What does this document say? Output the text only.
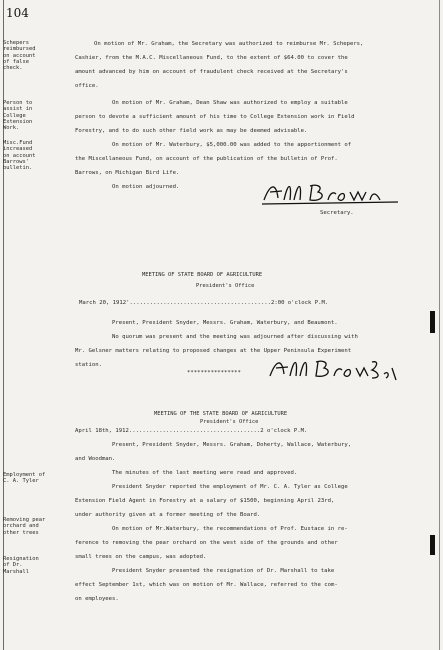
104
Schepers
reimbursed
on account
of false
check.
Person to
assist in
College
Extension
Work.
Misc.Fund
increased
on account
Barrows'
bulletin.
Employment of
C. A. Tyler
Removing pear
orchard and
other trees
Resignation
of Dr.
Marshall
On motion of Mr. Graham, the Secretary was authorized to reimburse Mr. Schepers,
Cashier, from the M.A.C. Miscellaneous Fund, to the extent of $64.00 to cover the
amount advanced by him on account of fraudulent check received at the Secretary's
office.
On motion of Mr. Graham, Dean Shaw was authorized to employ a suitable
person to devote a sufficient amount of his time to College Extension work in Field
Forestry, and to do such other field work as may be deemed advisable.
On motion of Mr. Waterbury, $5,000.00 was added to the apportionment of
the Miscellaneous Fund, on account of the publication of the bulletin of Prof.
Barrows, on Michigan Bird Life.
On motion adjourned.
Secretary.
MEETING OF STATE BOARD OF AGRICULTURE
President's Office
March 20, 1912'..........................................2:00 o'clock P.M.
Present, President Snyder, Messrs. Graham, Waterbury, and Beaumont.
No quorum was present and the meeting was adjourned after discussing with
Mr. Gelsner matters relating to proposed changes at the Upper Peninsula Experiment
station.
****************
MEETING OF THE STATE BOARD OF AGRICULTURE
President's Office
April 18th, 1912.......................................2 o'clock P.M.
Present, President Snyder, Messrs. Graham, Doherty, Wallace, Waterbury,
and Woodman.
The minutes of the last meeting were read and approved.
President Snyder reported the employment of Mr. C. A. Tyler as College
Extension Field Agent in Forestry at a salary of $1500, beginning April 23rd,
under authority given at a former meeting of the Board.
On motion of Mr.Waterbury, the recommendations of Prof. Eustace in re-
ference to removing the pear orchard on the west side of the grounds and other
small trees on the campus, was adopted.
President Snyder presented the resignation of Dr. Marshall to take
effect September 1st, which was on motion of Mr. Wallace, referred to the com-
on employees.
